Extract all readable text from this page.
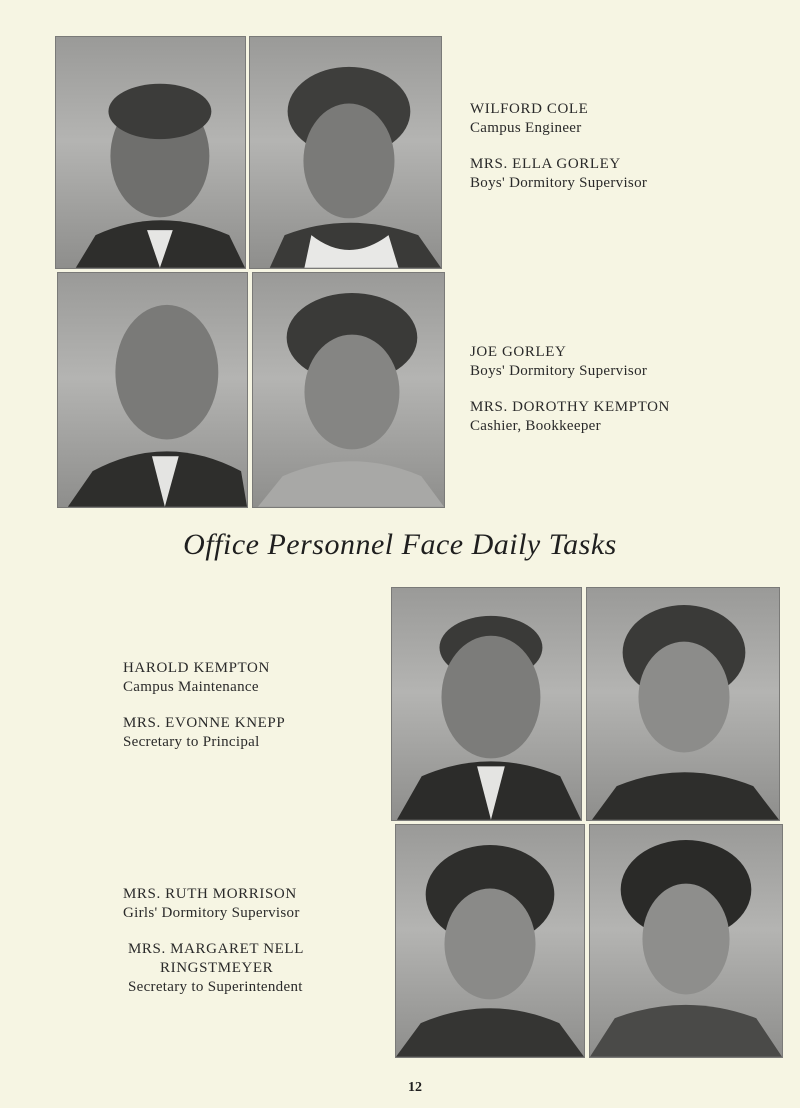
WILFORD COLE
Campus Engineer
MRS. ELLA GORLEY
Boys' Dormitory Supervisor
JOE GORLEY
Boys' Dormitory Supervisor
MRS. DOROTHY KEMPTON
Cashier, Bookkeeper
Office Personnel Face Daily Tasks
HAROLD KEMPTON
Campus Maintenance
MRS. EVONNE KNEPP
Secretary to Principal
MRS. RUTH MORRISON
Girls' Dormitory Supervisor
MRS. MARGARET NELL
RINGSTMEYER
Secretary to Superintendent
12
